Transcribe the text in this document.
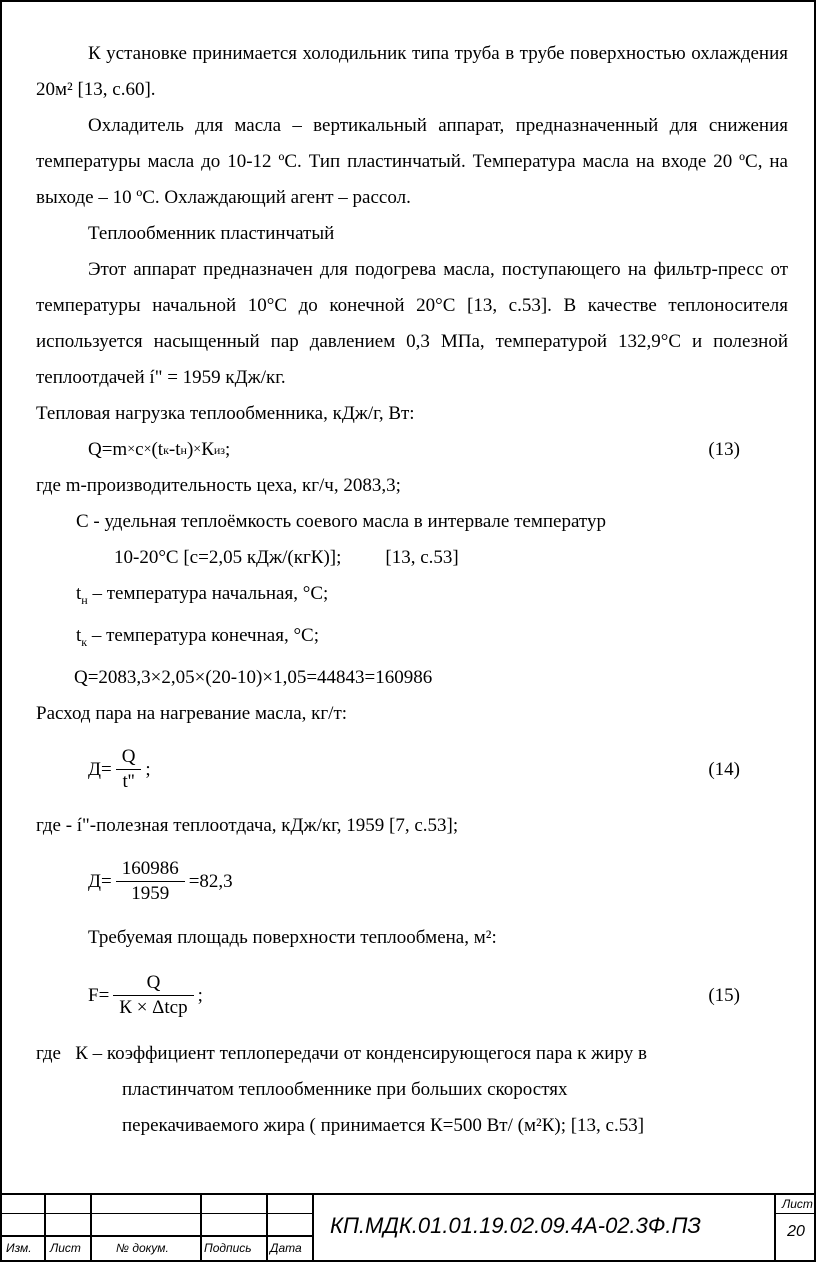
К установке принимается холодильник типа труба в трубе поверхностью охлаждения 20м² [13, с.60].

Охладитель для масла – вертикальный аппарат, предназначенный для снижения температуры масла до 10-12 ºС. Тип пластинчатый. Температура масла на входе 20 ºС, на выходе – 10 ºС. Охлаждающий агент – рассол.

Теплообменник пластинчатый

Этот аппарат предназначен для подогрева масла, поступающего на фильтр-пресс от температуры начальной 10°С до конечной 20°С [13, с.53]. В качестве теплоносителя используется насыщенный пар давлением 0,3 МПа, температурой 132,9°С и полезной теплоотдачей í" = 1959 кДж/кг.

Тепловая нагрузка теплообменника, кДж/г, Вт:

Q=m × c × (t к -t н ) × К из ;	(13)

где m-производительность цеха, кг/ч, 2083,3;

С - удельная теплоёмкость соевого масла в интервале температур

10-20°С [с=2,05 кДж/(кгК)]; [13, с.53]

$t_н$ – температура начальная, °С;

$t_к$ – температура конечная, °С;

Q=2083,3×2,05×(20-10)×1,05=44843=160986

Расход пара на нагревание масла, кг/т:

$Д= \frac{Q}{t''}$ ;	(14)

где - í"-полезная теплоотдача, кДж/кг, 1959 [7, с.53];

$Д= \frac{160986}{1959} =82,3$

Требуемая площадь поверхности теплообмена, м²:

$F= \frac{Q}{\text{К × Δtср}}$ ;	(15)

где   К – коэффициент теплопередачи от конденсирующегося пара к жиру в

пластинчатом теплообменнике при больших скоростях

перекачиваемого жира ( принимается К=500 Вт/ (м²К); [13, с.53]

Изм. Лист	№ докум.	Подпись Дата
КП.МДК.01.01.19.02.09.4А-02.3Ф.ПЗ
Лист
20
